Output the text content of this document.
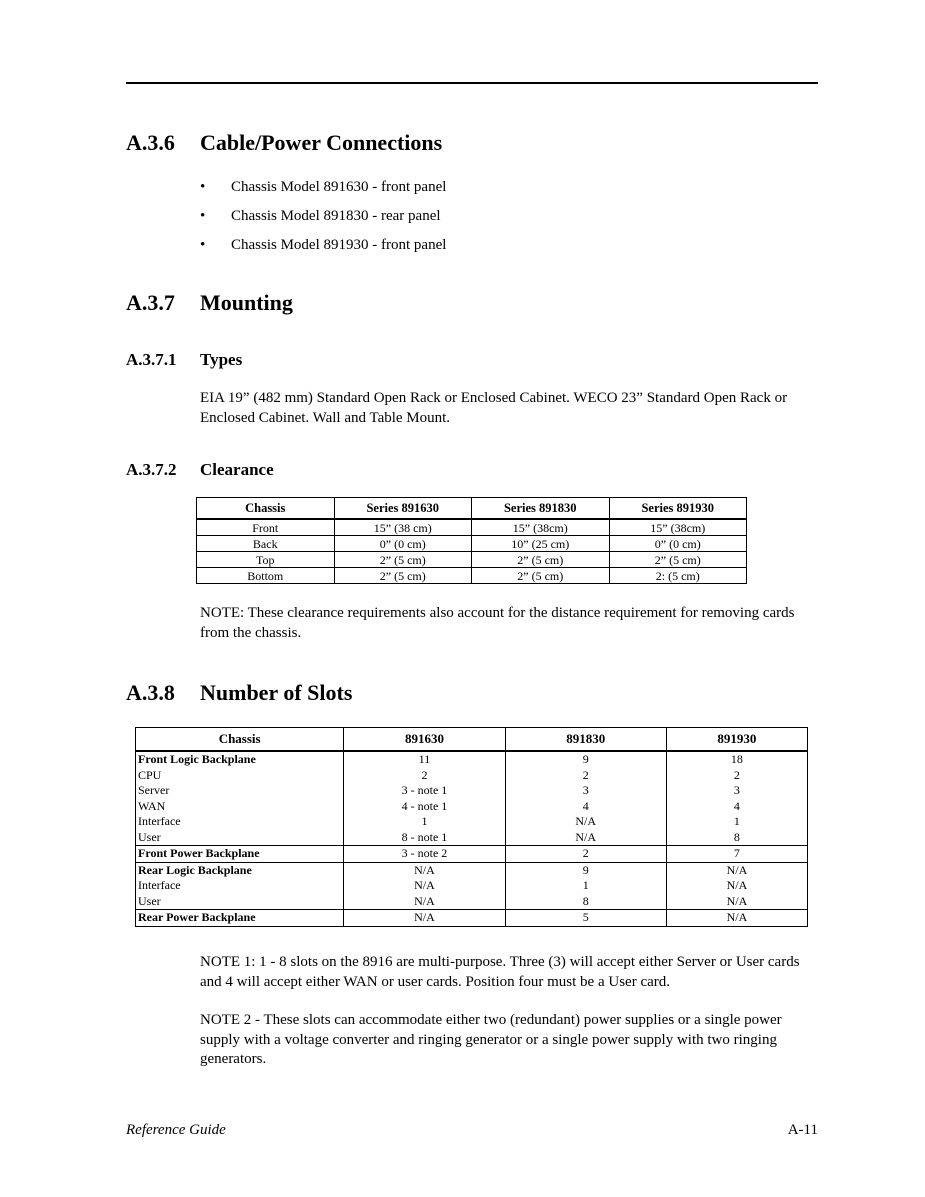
A.3.6 Cable/Power Connections
• Chassis Model 891630 - front panel
• Chassis Model 891830 - rear panel
• Chassis Model 891930 - front panel
A.3.7 Mounting
A.3.7.1 Types

EIA 19” (482 mm) Standard Open Rack or Enclosed Cabinet. WECO 23” Standard Open Rack or Enclosed Cabinet. Wall and Table Mount.

A.3.7.2 Clearance
Chassis	Series 891630	Series 891830	Series 891930
Front	15” (38 cm)	15” (38cm)	15” (38cm)
Back	0” (0 cm)	10” (25 cm)	0” (0 cm)
Top	2” (5 cm)	2” (5 cm)	2” (5 cm)
Bottom	2” (5 cm)	2” (5 cm)	2: (5 cm)

NOTE: These clearance requirements also account for the distance requirement for removing cards from the chassis.

A.3.8 Number of Slots
Chassis	891630	891830	891930
Front Logic Backplane	11	9	18
CPU	2	2	2
Server	3 - note 1	3	3
WAN	4 - note 1	4	4
Interface	1	N/A	1
User	8 - note 1	N/A	8
Front Power Backplane	3 - note 2	2	7
Rear Logic Backplane	N/A	9	N/A
Interface	N/A	1	N/A
User	N/A	8	N/A
Rear Power Backplane	N/A	5	N/A

NOTE 1: 1 - 8 slots on the 8916 are multi-purpose. Three (3) will accept either Server or User cards and 4 will accept either WAN or user cards. Position four must be a User card.

NOTE 2 - These slots can accommodate either two (redundant) power supplies or a single power supply with a voltage converter and ringing generator or a single power supply with two ringing generators.

Reference Guide	A-11
